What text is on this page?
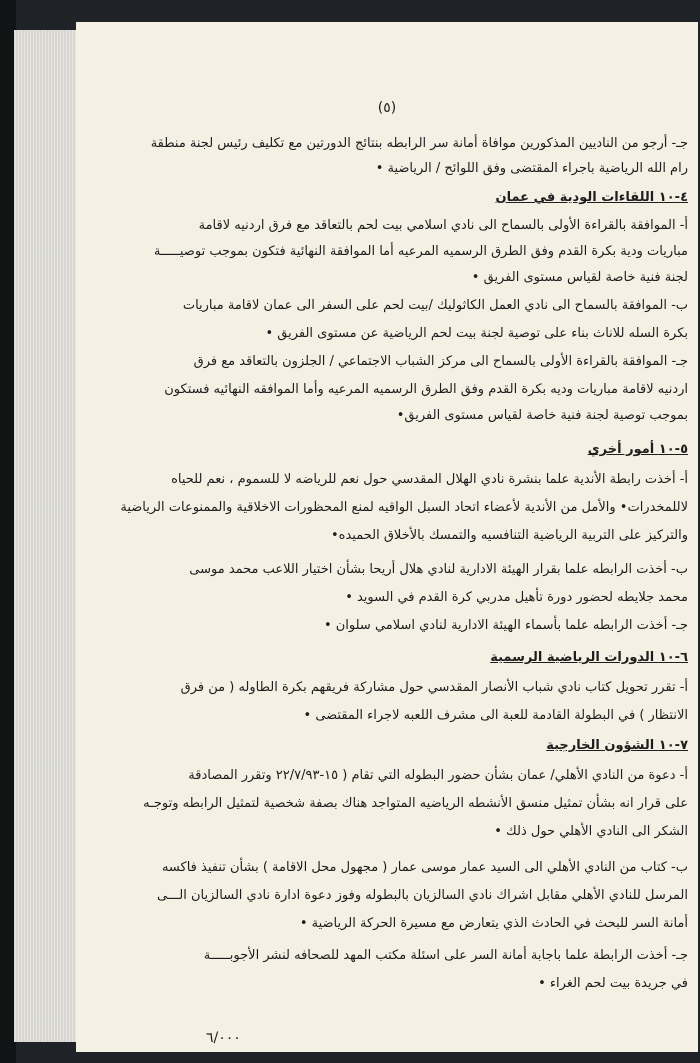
(٥)
جـ- أرجو من الناديين المذكورين موافاة أمانة سر الرابطه بنتائج الدورتين مع تكليف رئيس لجنة منطقة
رام الله الرياضية باجراء المقتضى وفق اللوائح / الرياضية •
٤-١٠ اللقاءات الودية في عمان
أ- الموافقة بالقراءة الأولى بالسماح الى نادي اسلامي بيت لحم بالتعاقد مع فرق اردنيه لاقامة
مباريات ودية بكرة القدم وفق الطرق الرسميه المرعيه أما الموافقة النهائية فتكون بموجب توصيـــــة
لجنة فنية خاصة لقياس مستوى الفريق •
ب- الموافقة بالسماح الى نادي العمل الكاثوليك /بيت لحم على السفر الى عمان لاقامة مباريات
بكرة السله للاناث بناء على توصية لجنة بيت لحم الرياضية عن مستوى الفريق •
جـ- الموافقة بالقراءة الأولى بالسماح الى مركز الشباب الاجتماعي / الجلزون بالتعاقد مع فرق
اردنيه لاقامة مباريات وديه بكرة القدم وفق الطرق الرسميه المرعيه وأما الموافقه النهائيه فستكون
بموجب توصية لجنة فنية خاصة لقياس مستوى الفريق•
٥-١٠ أمور أخري
أ- أخذت رابطة الأندية علما بنشرة نادي الهلال المقدسي حول نعم للرياضه لا للسموم ، نعم للحياه
لاللمخدرات• والأمل من الأندية لأعضاء اتحاد السبل الواقيه لمنع المحظورات الاخلاقية والممنوعات الرياضية
والتركيز على التربية الرياضية التنافسيه والتمسك بالأخلاق الحميده•
ب- أخذت الرابطه علما بقرار الهيئة الادارية لنادي هلال أريحا بشأن اختيار اللاعب محمد موسى
محمد جلايطه لحضور دورة تأهيل مدربي كرة القدم في السويد •
جـ- أخذت الرابطه علما بأسماء الهيئة الادارية لنادي اسلامي سلوان •
٦-١٠ الدورات الرياضية الرسمية
أ- تقرر تحويل كتاب نادي شباب الأنصار المقدسي حول مشاركة فريقهم بكرة الطاوله ( من فرق
الانتظار ) في البطولة القادمة للعبة الى مشرف اللعبه لاجراء المقتضى •
٧-١٠ الشؤون الخارجية
أ- دعوة من النادي الأهلي/ عمان بشأن حضور البطوله التي تقام ( ١٥-٢٢/٧/٩٣ وتقرر المصادقة
على قرار انه بشأن تمثيل منسق الأنشطه الرياضيه المتواجد هناك بصفة شخصية لتمثيل الرابطه وتوجـه
الشكر الى النادي الأهلي حول ذلك •
ب- كتاب من النادي الأهلي الى السيد عمار موسى عمار ( مجهول محل الاقامة ) بشأن تنفيذ فاكسه
المرسل للنادي الأهلي مقابل اشراك نادي السالزيان بالبطوله وفوز دعوة ادارة نادي السالزيان الـــى
أمانة السر للبحث في الحادث الذي يتعارض مع مسيرة الحركة الرياضية •
جـ- أخذت الرابطة علما باجابة أمانة السر على اسئلة مكتب المهد للصحافه لنشر الأجوبـــــة
في جريدة بيت لحم الغراء •
٦/٠٠٠
